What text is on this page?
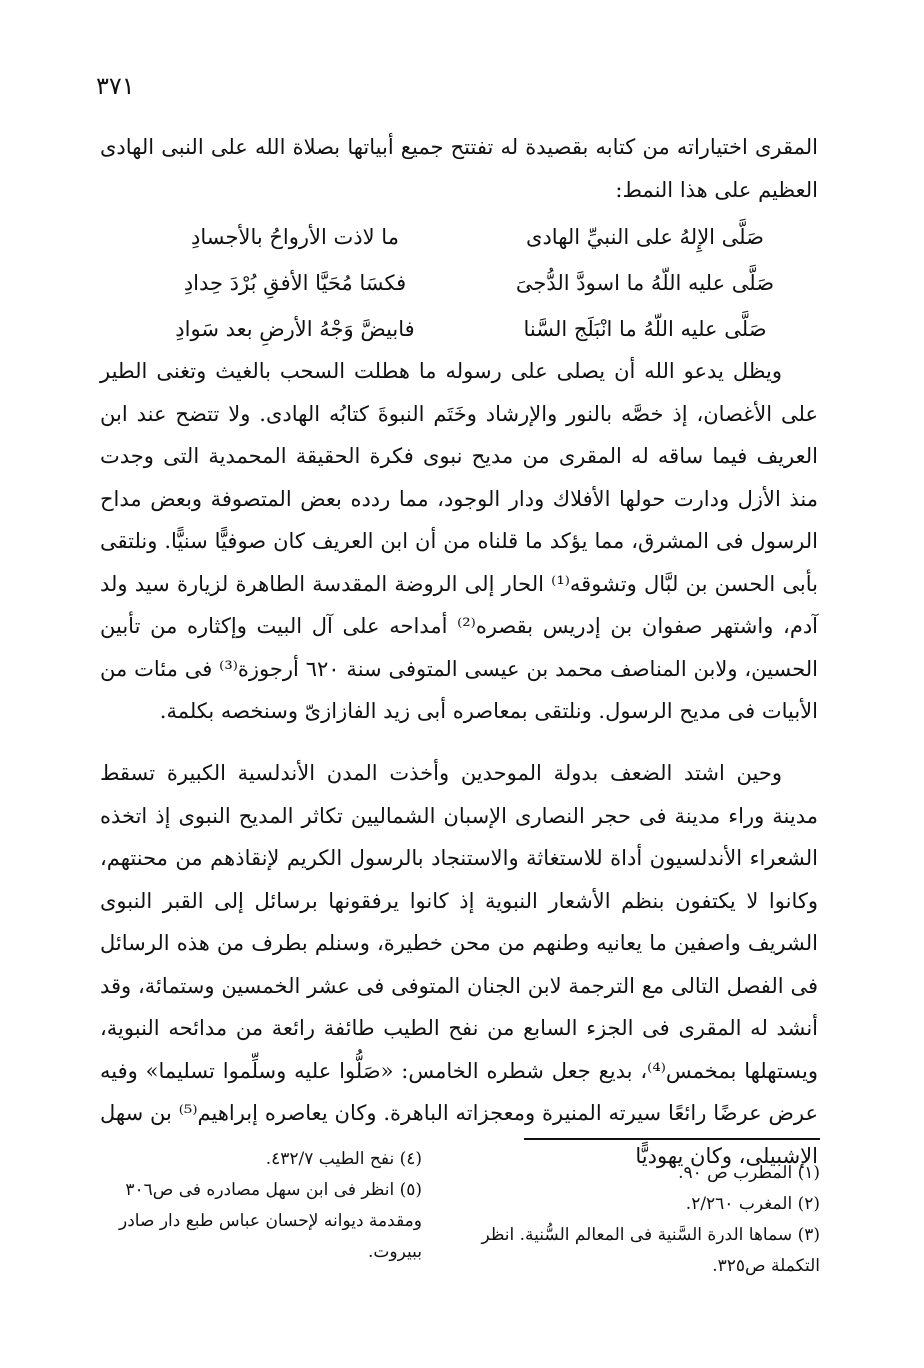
٣٧١
المقرى اختياراته من كتابه بقصيدة له تفتتح جميع أبياتها بصلاة الله على النبى الهادى العظيم على هذا النمط:
صَلَّى الإِلهُ على النبيِّ الهادى
ما لاذت الأرواحُ بالأجسادِ
صَلَّى عليه اللّهُ ما اسودَّ الدُّجىَ
فكسَا مُحَيَّا الأفقِ بُرْدَ حِدادِ
صَلَّى عليه اللّهُ ما انْبَلَج السَّنا
فابيضَّ وَجْهُ الأرضِ بعد سَوادِ

ويظل يدعو الله أن يصلى على رسوله ما هطلت السحب بالغيث وتغنى الطير على الأغصان، إذ خصَّه بالنور والإرشاد وخَتَم النبوةَ كتابُه الهادى. ولا تتضح عند ابن العريف فيما ساقه له المقرى من مديح نبوى فكرة الحقيقة المحمدية التى وجدت منذ الأزل ودارت حولها الأفلاك ودار الوجود، مما ردده بعض المتصوفة وبعض مداح الرسول فى المشرق، مما يؤكد ما قلناه من أن ابن العريف كان صوفيًّا سنيًّا. ونلتقى بأبى الحسن بن لبَّال وتشوقه⁽¹⁾ الحار إلى الروضة المقدسة الطاهرة لزيارة سيد ولد آدم، واشتهر صفوان بن إدريس بقصره⁽²⁾ أمداحه على آل البيت وإكثاره من تأبين الحسين، ولابن المناصف محمد بن عيسى المتوفى سنة ٦٢٠ أرجوزة⁽³⁾ فى مئات من الأبيات فى مديح الرسول. ونلتقى بمعاصره أبى زيد الفازازىّ وسنخصه بكلمة.

وحين اشتد الضعف بدولة الموحدين وأخذت المدن الأندلسية الكبيرة تسقط مدينة وراء مدينة فى حجر النصارى الإسبان الشماليين تكاثر المديح النبوى إذ اتخذه الشعراء الأندلسيون أداة للاستغاثة والاستنجاد بالرسول الكريم لإنقاذهم من محنتهم، وكانوا لا يكتفون بنظم الأشعار النبوية إذ كانوا يرفقونها برسائل إلى القبر النبوى الشريف واصفين ما يعانيه وطنهم من محن خطيرة، وسنلم بطرف من هذه الرسائل فى الفصل التالى مع الترجمة لابن الجنان المتوفى فى عشر الخمسين وستمائة، وقد أنشد له المقرى فى الجزء السابع من نفح الطيب طائفة رائعة من مدائحه النبوية، ويستهلها بمخمس⁽⁴⁾، بديع جعل شطره الخامس: «صَلُّوا عليه وسلِّموا تسليما» وفيه عرض عرضًا رائعًا سيرته المنيرة ومعجزاته الباهرة. وكان يعاصره إبراهيم⁽⁵⁾ بن سهل الإشبيلى، وكان يهوديًّا

(١) المطرب ص ٩٠.

(٢) المغرب ٢/٢٦٠.

(٣) سماها الدرة السَّنية فى المعالم السُّنية. انظر التكملة ص٣٢٥.

(٤) نفح الطيب ٤٣٢/٧.

(٥) انظر فى ابن سهل مصادره فى ص٣٠٦ ومقدمة ديوانه لإحسان عباس طبع دار صادر ببيروت.
